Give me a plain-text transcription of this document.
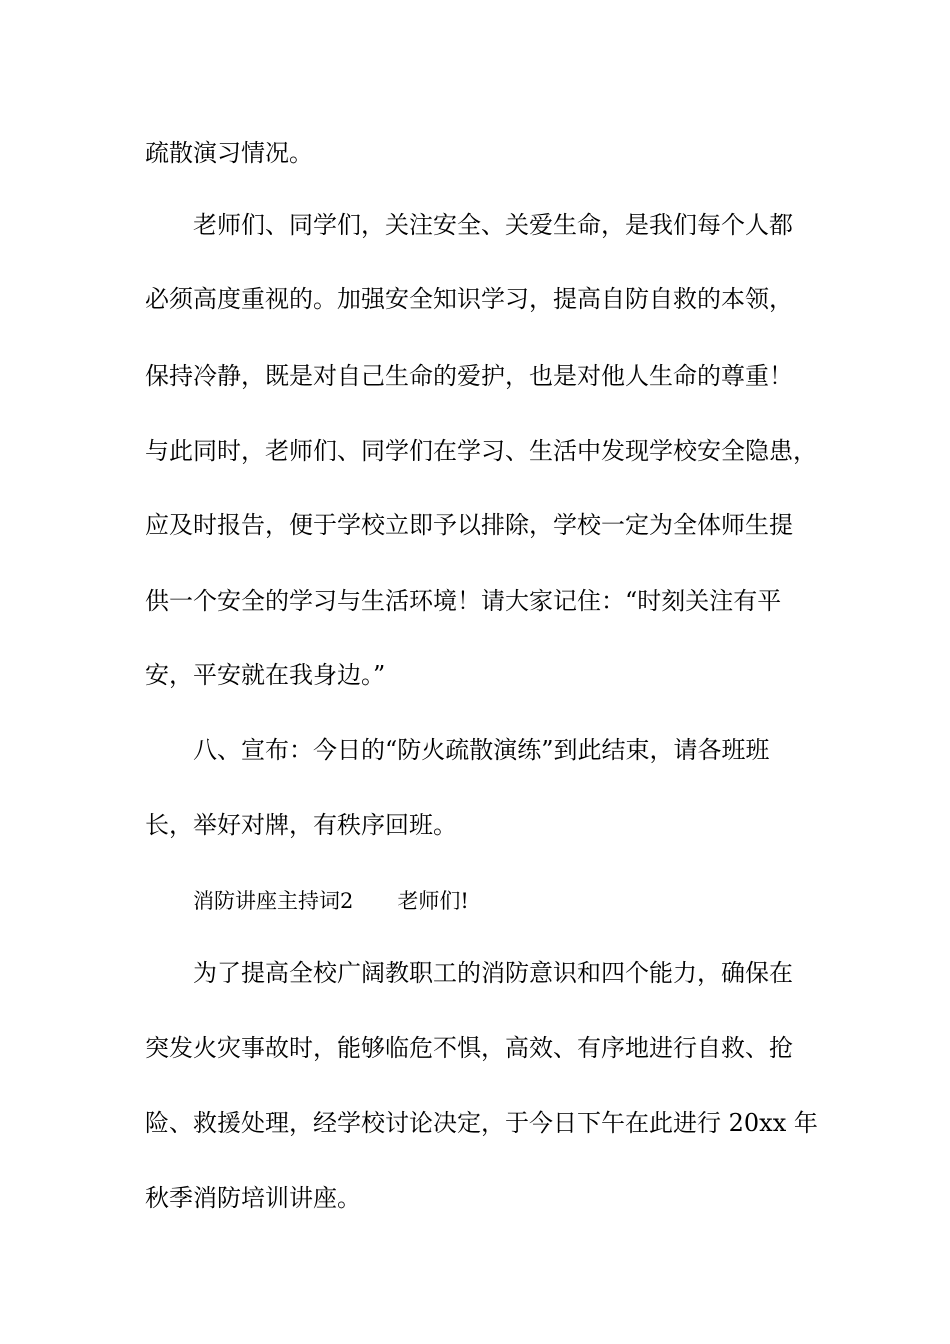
疏散演习情况。
老师们、同学们，关注安全、关爱生命，是我们每个人都
必须高度重视的。加强安全知识学习，提高自防自救的本领，
保持冷静，既是对自己生命的爱护，也是对他人生命的尊重！
与此同时，老师们、同学们在学习、生活中发现学校安全隐患，
应及时报告，便于学校立即予以排除，学校一定为全体师生提
供一个安全的学习与生活环境！请大家记住：“时刻关注有平
安，平安就在我身边。”
八、宣布：今日的“防火疏散演练”到此结束，请各班班
长，举好对牌，有秩序回班。
消防讲座主持词2 老师们!
为了提高全校广阔教职工的消防意识和四个能力，确保在
突发火灾事故时，能够临危不惧，高效、有序地进行自救、抢
险、救援处理，经学校讨论决定，于今日下午在此进行 20xx 年
秋季消防培训讲座。
